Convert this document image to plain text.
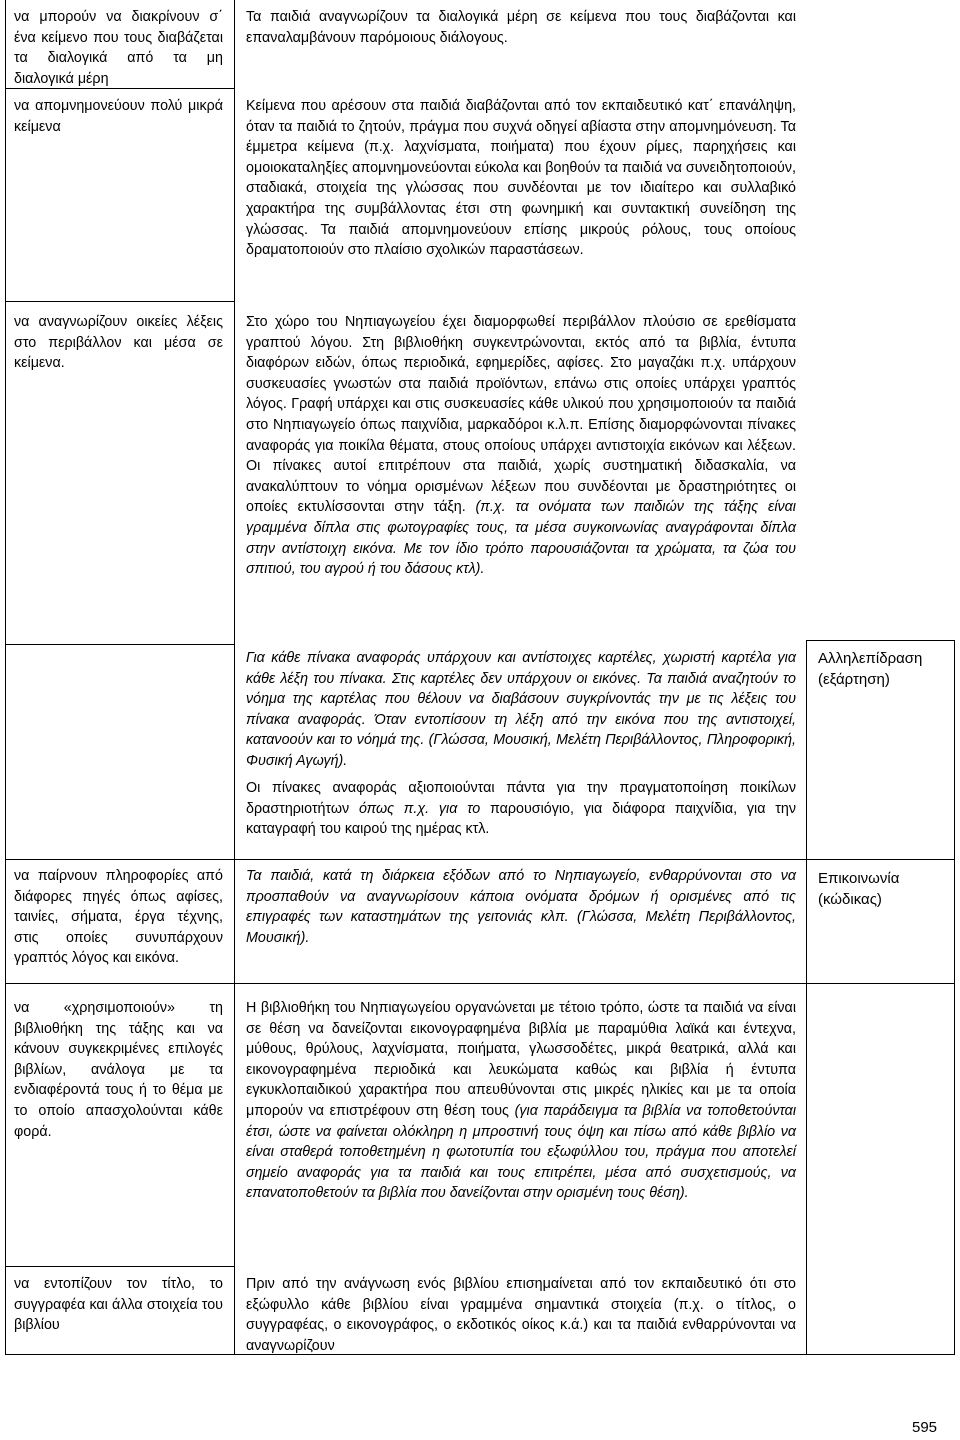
να μπορούν να διακρίνουν σ΄ ένα κείμενο που τους διαβάζεται τα διαλογικά από τα μη διαλογικά μέρη

να απομνημονεύουν πολύ μικρά κείμενα

να αναγνωρίζουν οικείες λέξεις στο περιβάλλον και μέσα σε κείμενα.

να παίρνουν πληροφορίες από διάφορες πηγές όπως αφίσες, ταινίες, σήματα, έργα τέχνης, στις οποίες συνυπάρχουν γραπτός λόγος και εικόνα.

να «χρησιμοποιούν» τη βιβλιοθήκη της τάξης και να κάνουν συγκεκριμένες επιλογές βιβλίων, ανάλογα με τα ενδιαφέροντά τους ή το θέμα με το οποίο απασχολούνται κάθε φορά.

να εντοπίζουν τον τίτλο, το συγγραφέα και άλλα στοιχεία του βιβλίου

Τα παιδιά αναγνωρίζουν τα διαλογικά μέρη σε κείμενα που τους διαβάζονται και επαναλαμβάνουν παρόμοιους διάλογους.

Κείμενα που αρέσουν στα παιδιά διαβάζονται από τον εκπαιδευτικό κατ΄ επανάληψη, όταν τα παιδιά το ζητούν, πράγμα που συχνά οδηγεί αβίαστα στην απομνημόνευση. Τα έμμετρα κείμενα (π.χ. λαχνίσματα, ποιήματα) που έχουν ρίμες, παρηχήσεις και ομοιοκαταληξίες απομνημονεύονται εύκολα και βοηθούν τα παιδιά να συνειδητοποιούν, σταδιακά, στοιχεία της γλώσσας που συνδέονται με τον ιδιαίτερο και συλλαβικό χαρακτήρα της συμβάλλοντας έτσι στη φωνημική και συντακτική συνείδηση της γλώσσας. Τα παιδιά απομνημονεύουν επίσης μικρούς ρόλους, τους οποίους δραματοποιούν στο πλαίσιο σχολικών παραστάσεων.

Στο χώρο του Νηπιαγωγείου έχει διαμορφωθεί περιβάλλον πλούσιο σε ερεθίσματα γραπτού λόγου. Στη βιβλιοθήκη συγκεντρώνονται, εκτός από τα βιβλία, έντυπα διαφόρων ειδών, όπως περιοδικά, εφημερίδες, αφίσες. Στο μαγαζάκι π.χ. υπάρχουν συσκευασίες γνωστών στα παιδιά προϊόντων, επάνω στις οποίες υπάρχει γραπτός λόγος. Γραφή υπάρχει και στις συσκευασίες κάθε υλικού που χρησιμοποιούν τα παιδιά στο Νηπιαγωγείο όπως παιχνίδια, μαρκαδόροι κ.λ.π. Επίσης διαμορφώνονται πίνακες αναφοράς για ποικίλα θέματα, στους οποίους υπάρχει αντιστοιχία εικόνων και λέξεων. Οι πίνακες αυτοί επιτρέπουν στα παιδιά, χωρίς συστηματική διδασκαλία, να ανακαλύπτουν το νόημα ορισμένων λέξεων που συνδέονται με δραστηριότητες οι οποίες εκτυλίσσονται στην τάξη. (π.χ. τα ονόματα των παιδιών της τάξης είναι γραμμένα δίπλα στις φωτογραφίες τους, τα μέσα συγκοινωνίας αναγράφονται δίπλα στην αντίστοιχη εικόνα. Με τον ίδιο τρόπο παρουσιάζονται τα χρώματα, τα ζώα του σπιτιού, του αγρού ή του δάσους κτλ).

Για κάθε πίνακα αναφοράς υπάρχουν και αντίστοιχες καρτέλες, χωριστή καρτέλα για κάθε λέξη του πίνακα. Στις καρτέλες δεν υπάρχουν οι εικόνες. Τα παιδιά αναζητούν το νόημα της καρτέλας που θέλουν να διαβάσουν συγκρίνοντάς την με τις λέξεις του πίνακα αναφοράς. Όταν εντοπίσουν τη λέξη από την εικόνα που της αντιστοιχεί, κατανοούν και το νόημά της. (Γλώσσα, Μουσική, Μελέτη Περιβάλλοντος, Πληροφορική, Φυσική Αγωγή).

Οι πίνακες αναφοράς αξιοποιούνται πάντα για την πραγματοποίηση ποικίλων δραστηριοτήτων όπως π.χ. για το παρουσιόγιο, για διάφορα παιχνίδια, για την καταγραφή του καιρού της ημέρας κτλ.

Τα παιδιά, κατά τη διάρκεια εξόδων από το Νηπιαγωγείο, ενθαρρύνονται στο να προσπαθούν να αναγνωρίσουν κάποια ονόματα δρόμων ή ορισμένες από τις επιγραφές των καταστημάτων της γειτονιάς κλπ. (Γλώσσα, Μελέτη Περιβάλλοντος, Μουσική).

Η βιβλιοθήκη του Νηπιαγωγείου οργανώνεται με τέτοιο τρόπο, ώστε τα παιδιά να είναι σε θέση να δανείζονται εικονογραφημένα βιβλία με παραμύθια λαϊκά και έντεχνα, μύθους, θρύλους, λαχνίσματα, ποιήματα, γλωσσοδέτες, μικρά θεατρικά, αλλά και εικονογραφημένα περιοδικά και λευκώματα καθώς και βιβλία ή έντυπα εγκυκλοπαιδικού χαρακτήρα που απευθύνονται στις μικρές ηλικίες και με τα οποία μπορούν να επιστρέφουν στη θέση τους (για παράδειγμα τα βιβλία να τοποθετούνται έτσι, ώστε να φαίνεται ολόκληρη η μπροστινή τους όψη και πίσω από κάθε βιβλίο να είναι σταθερά τοποθετημένη η φωτοτυπία του εξωφύλλου του, πράγμα που αποτελεί σημείο αναφοράς για τα παιδιά και τους επιτρέπει, μέσα από συσχετισμούς, να επανατοποθετούν τα βιβλία που δανείζονται στην ορισμένη τους θέση).

Πριν από την ανάγνωση ενός βιβλίου επισημαίνεται από τον εκπαιδευτικό ότι στο εξώφυλλο κάθε βιβλίου είναι γραμμένα σημαντικά στοιχεία (π.χ. ο τίτλος, ο συγγραφέας, ο εικονογράφος, ο εκδοτικός οίκος κ.ά.) και τα παιδιά ενθαρρύνονται να αναγνωρίζουν

Αλληλεπίδραση (εξάρτηση)

Επικοινωνία (κώδικας)

595
